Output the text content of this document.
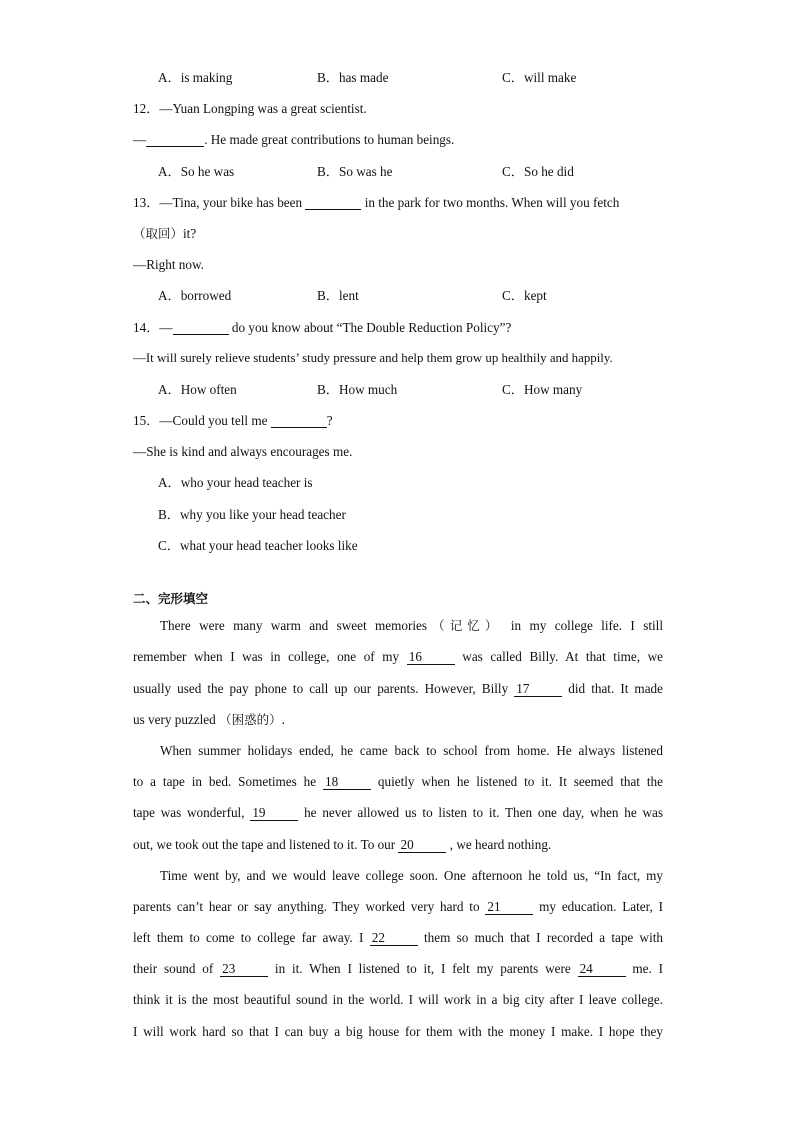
A．is making	B．has made	C．will make
12．—Yuan Longping was a great scientist.
—	. He made great contributions to human beings.
A．So he was	B．So was he	C．So he did
13．—Tina, your bike has been	in the park for two months. When will you fetch
（取回）it?
—Right now.
A．borrowed	B．lent	C．kept
14．—	do you know about “The Double Reduction Policy”?
—It will surely relieve students’ study pressure and help them grow up healthily and happily.
A．How often	B．How much	C．How many
15．—Could you tell me	?
—She is kind and always encourages me.
A．who your head teacher is
B．why you like your head teacher
C．what your head teacher looks like
二、完形填空
There were many warm and sweet memories（记忆） in my college life. I still
remember when I was in college, one of my 16 was called Billy. At that time, we
usually used the pay phone to call up our parents. However, Billy 17 did that. It made
us very puzzled （困惑的）.
When summer holidays ended, he came back to school from home. He always listened
to a tape in bed. Sometimes he 18 quietly when he listened to it. It seemed that the
tape was wonderful, 19 he never allowed us to listen to it. Then one day, when he was
out, we took out the tape and listened to it. To our 20 , we heard nothing.
Time went by, and we would leave college soon. One afternoon he told us, “In fact, my
parents can’t hear or say anything. They worked very hard to 21 my education. Later, I
left them to come to college far away. I 22 them so much that I recorded a tape with
their sound of 23 in it. When I listened to it, I felt my parents were 24 me. I
think it is the most beautiful sound in the world. I will work in a big city after I leave college.
I will work hard so that I can buy a big house for them with the money I make. I hope they
